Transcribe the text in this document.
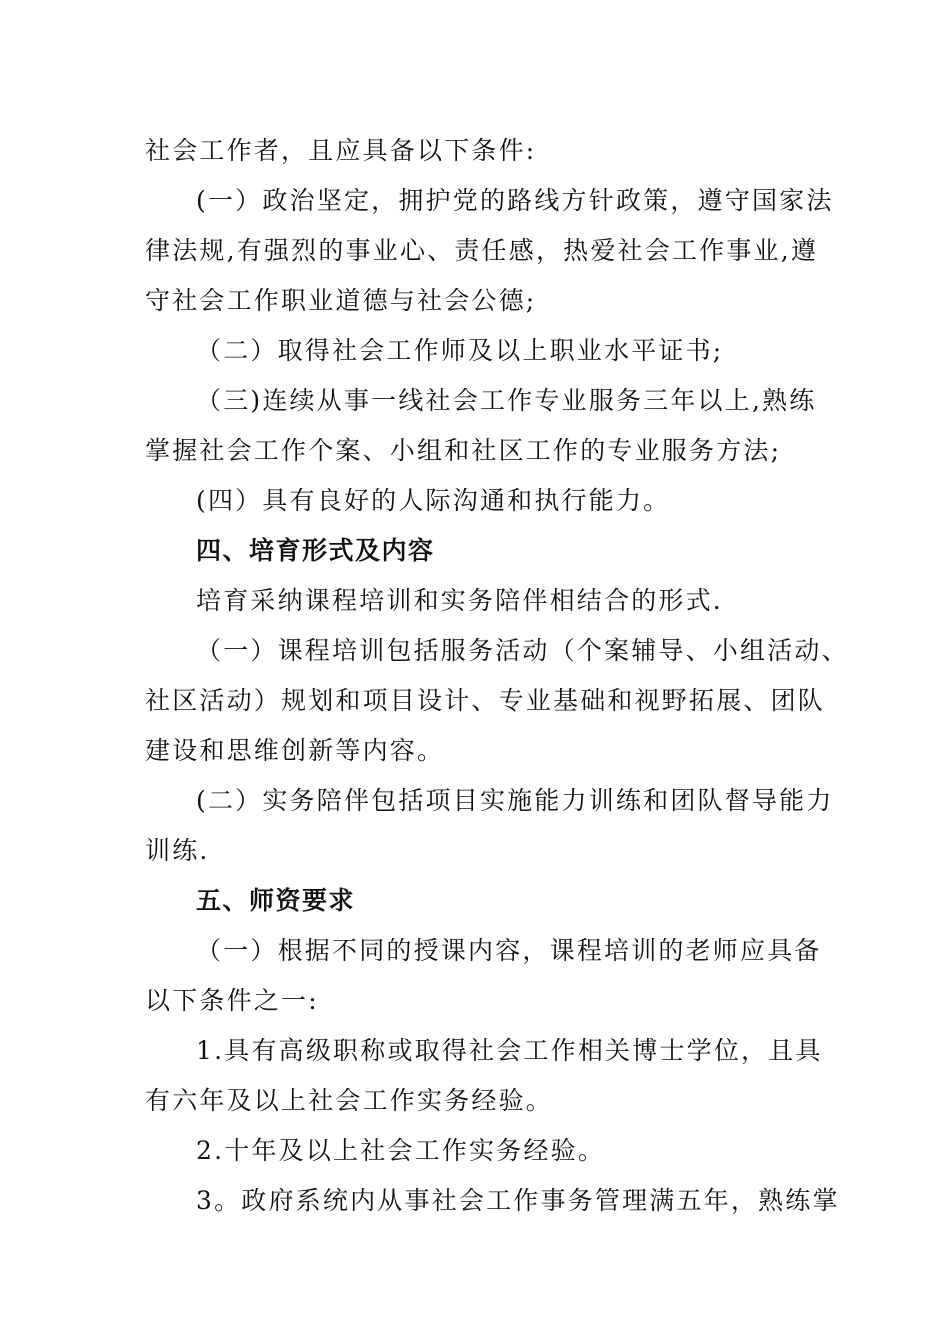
社会工作者，且应具备以下条件:
(一）政治坚定，拥护党的路线方针政策，遵守国家法
律法规,有强烈的事业心、责任感，热爱社会工作事业,遵
守社会工作职业道德与社会公德;
（二）取得社会工作师及以上职业水平证书;
（三)连续从事一线社会工作专业服务三年以上,熟练
掌握社会工作个案、小组和社区工作的专业服务方法;
(四）具有良好的人际沟通和执行能力。
四、培育形式及内容
培育采纳课程培训和实务陪伴相结合的形式.
（一）课程培训包括服务活动（个案辅导、小组活动、
社区活动）规划和项目设计、专业基础和视野拓展、团队
建设和思维创新等内容。
(二）实务陪伴包括项目实施能力训练和团队督导能力
训练.
五、师资要求
（一）根据不同的授课内容，课程培训的老师应具备
以下条件之一:
1.具有高级职称或取得社会工作相关博士学位，且具
有六年及以上社会工作实务经验。
2.十年及以上社会工作实务经验。
3。政府系统内从事社会工作事务管理满五年，熟练掌
